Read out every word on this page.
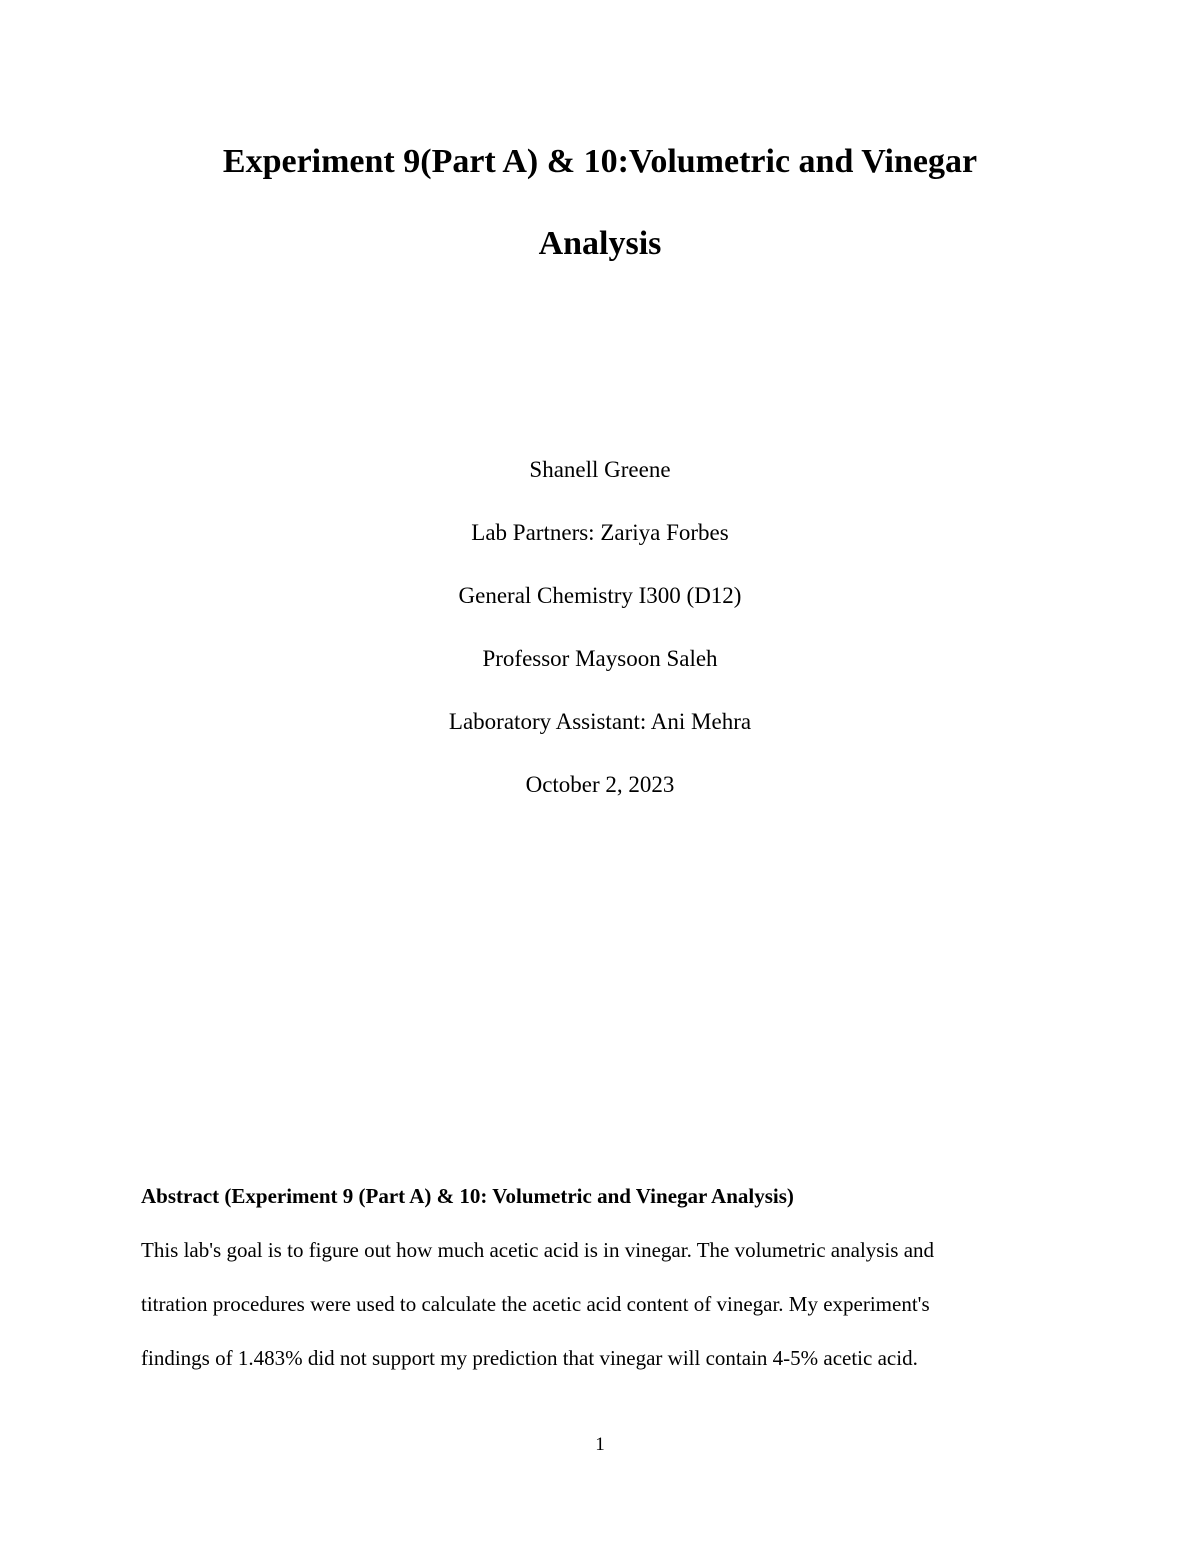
Experiment 9(Part A) & 10:Volumetric and Vinegar
Analysis

Shanell Greene

Lab Partners: Zariya Forbes

General Chemistry I300 (D12)

Professor Maysoon Saleh

Laboratory Assistant: Ani Mehra

October 2, 2023

Abstract (Experiment 9 (Part A) & 10: Volumetric and Vinegar Analysis)

This lab's goal is to figure out how much acetic acid is in vinegar. The volumetric analysis and

titration procedures were used to calculate the acetic acid content of vinegar. My experiment's

findings of 1.483% did not support my prediction that vinegar will contain 4-5% acetic acid.

1
